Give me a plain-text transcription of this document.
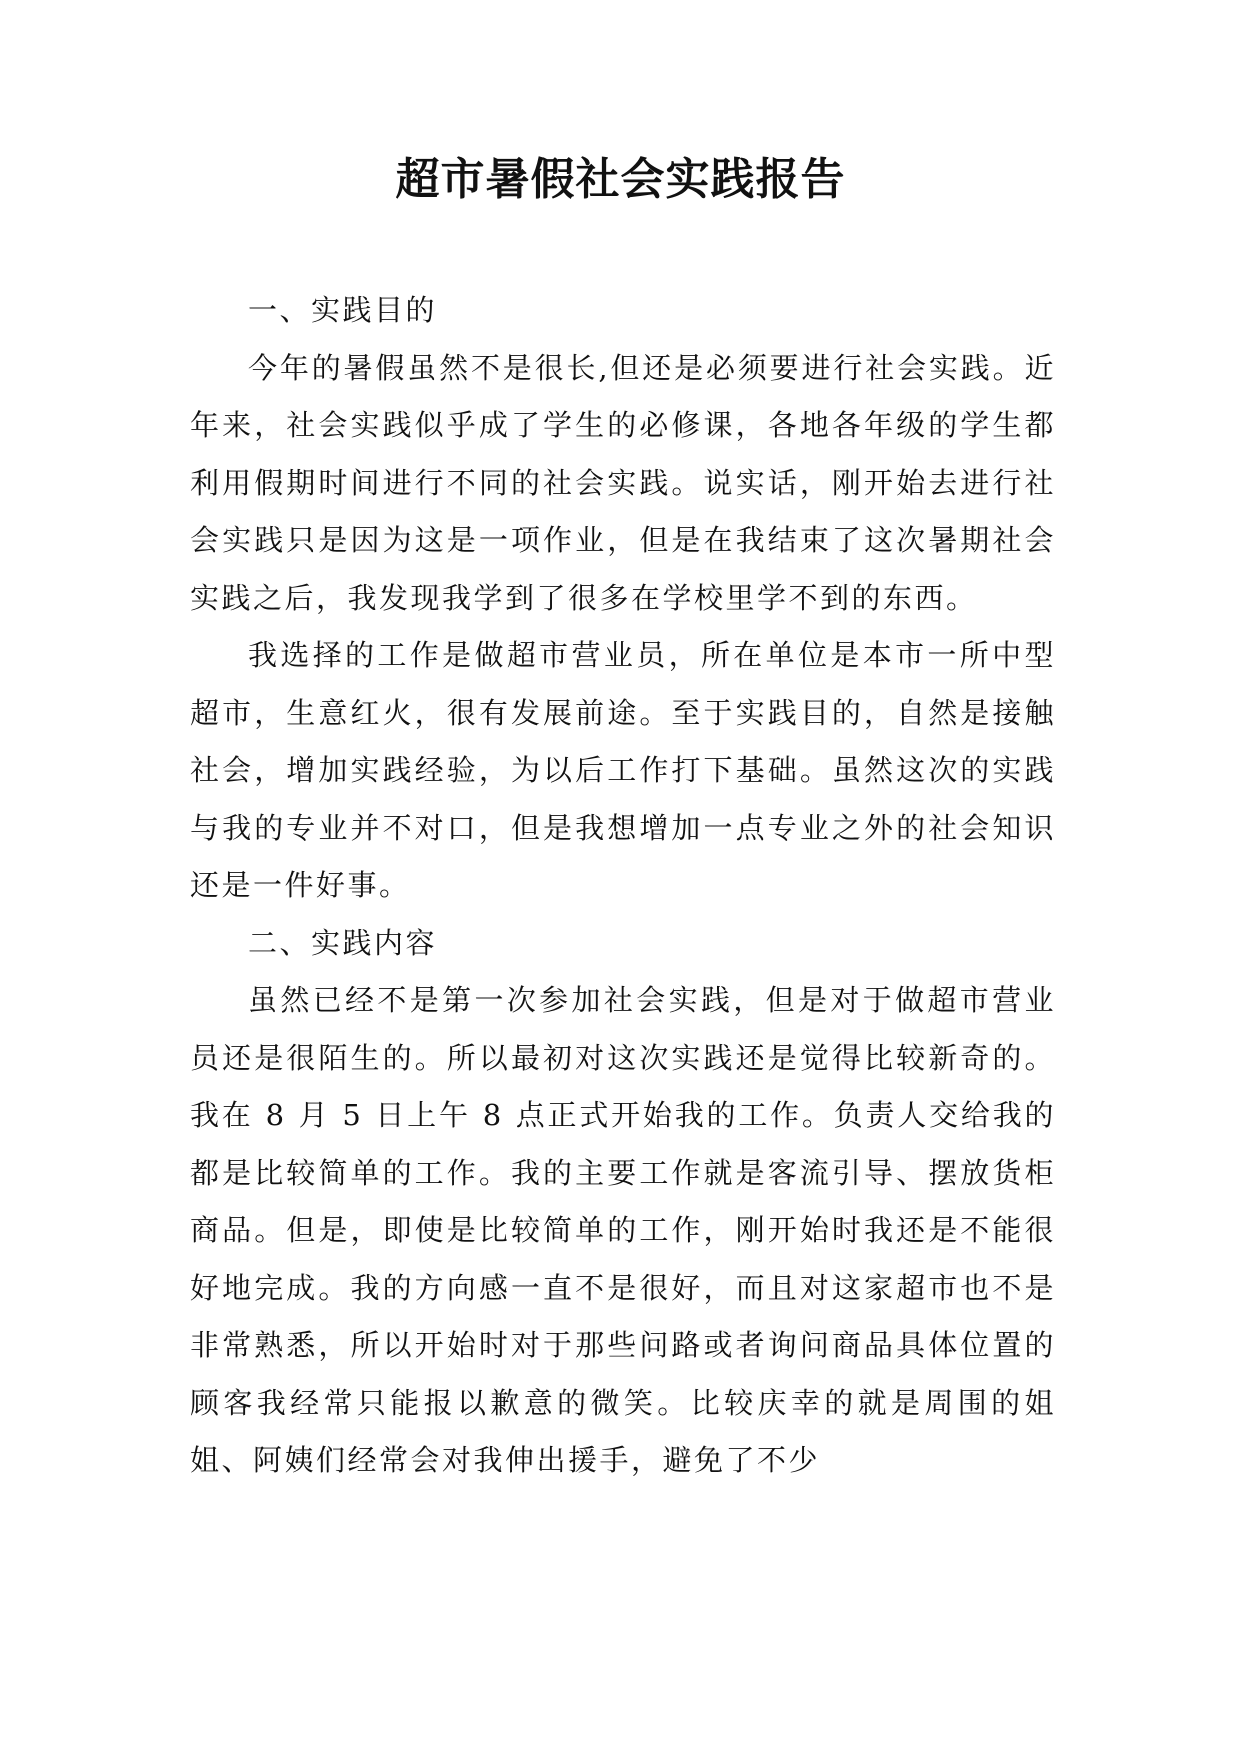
超市暑假社会实践报告

一、实践目的

今年的暑假虽然不是很长,但还是必须要进行社会实践。近年来，社会实践似乎成了学生的必修课，各地各年级的学生都利用假期时间进行不同的社会实践。说实话，刚开始去进行社会实践只是因为这是一项作业，但是在我结束了这次暑期社会实践之后，我发现我学到了很多在学校里学不到的东西。

我选择的工作是做超市营业员，所在单位是本市一所中型超市，生意红火，很有发展前途。至于实践目的，自然是接触社会，增加实践经验，为以后工作打下基础。虽然这次的实践与我的专业并不对口，但是我想增加一点专业之外的社会知识还是一件好事。

二、实践内容

虽然已经不是第一次参加社会实践，但是对于做超市营业员还是很陌生的。所以最初对这次实践还是觉得比较新奇的。我在 8 月 5 日上午 8 点正式开始我的工作。负责人交给我的都是比较简单的工作。我的主要工作就是客流引导、摆放货柜商品。但是，即使是比较简单的工作，刚开始时我还是不能很好地完成。我的方向感一直不是很好，而且对这家超市也不是非常熟悉，所以开始时对于那些问路或者询问商品具体位置的顾客我经常只能报以歉意的微笑。比较庆幸的就是周围的姐姐、阿姨们经常会对我伸出援手，避免了不少
